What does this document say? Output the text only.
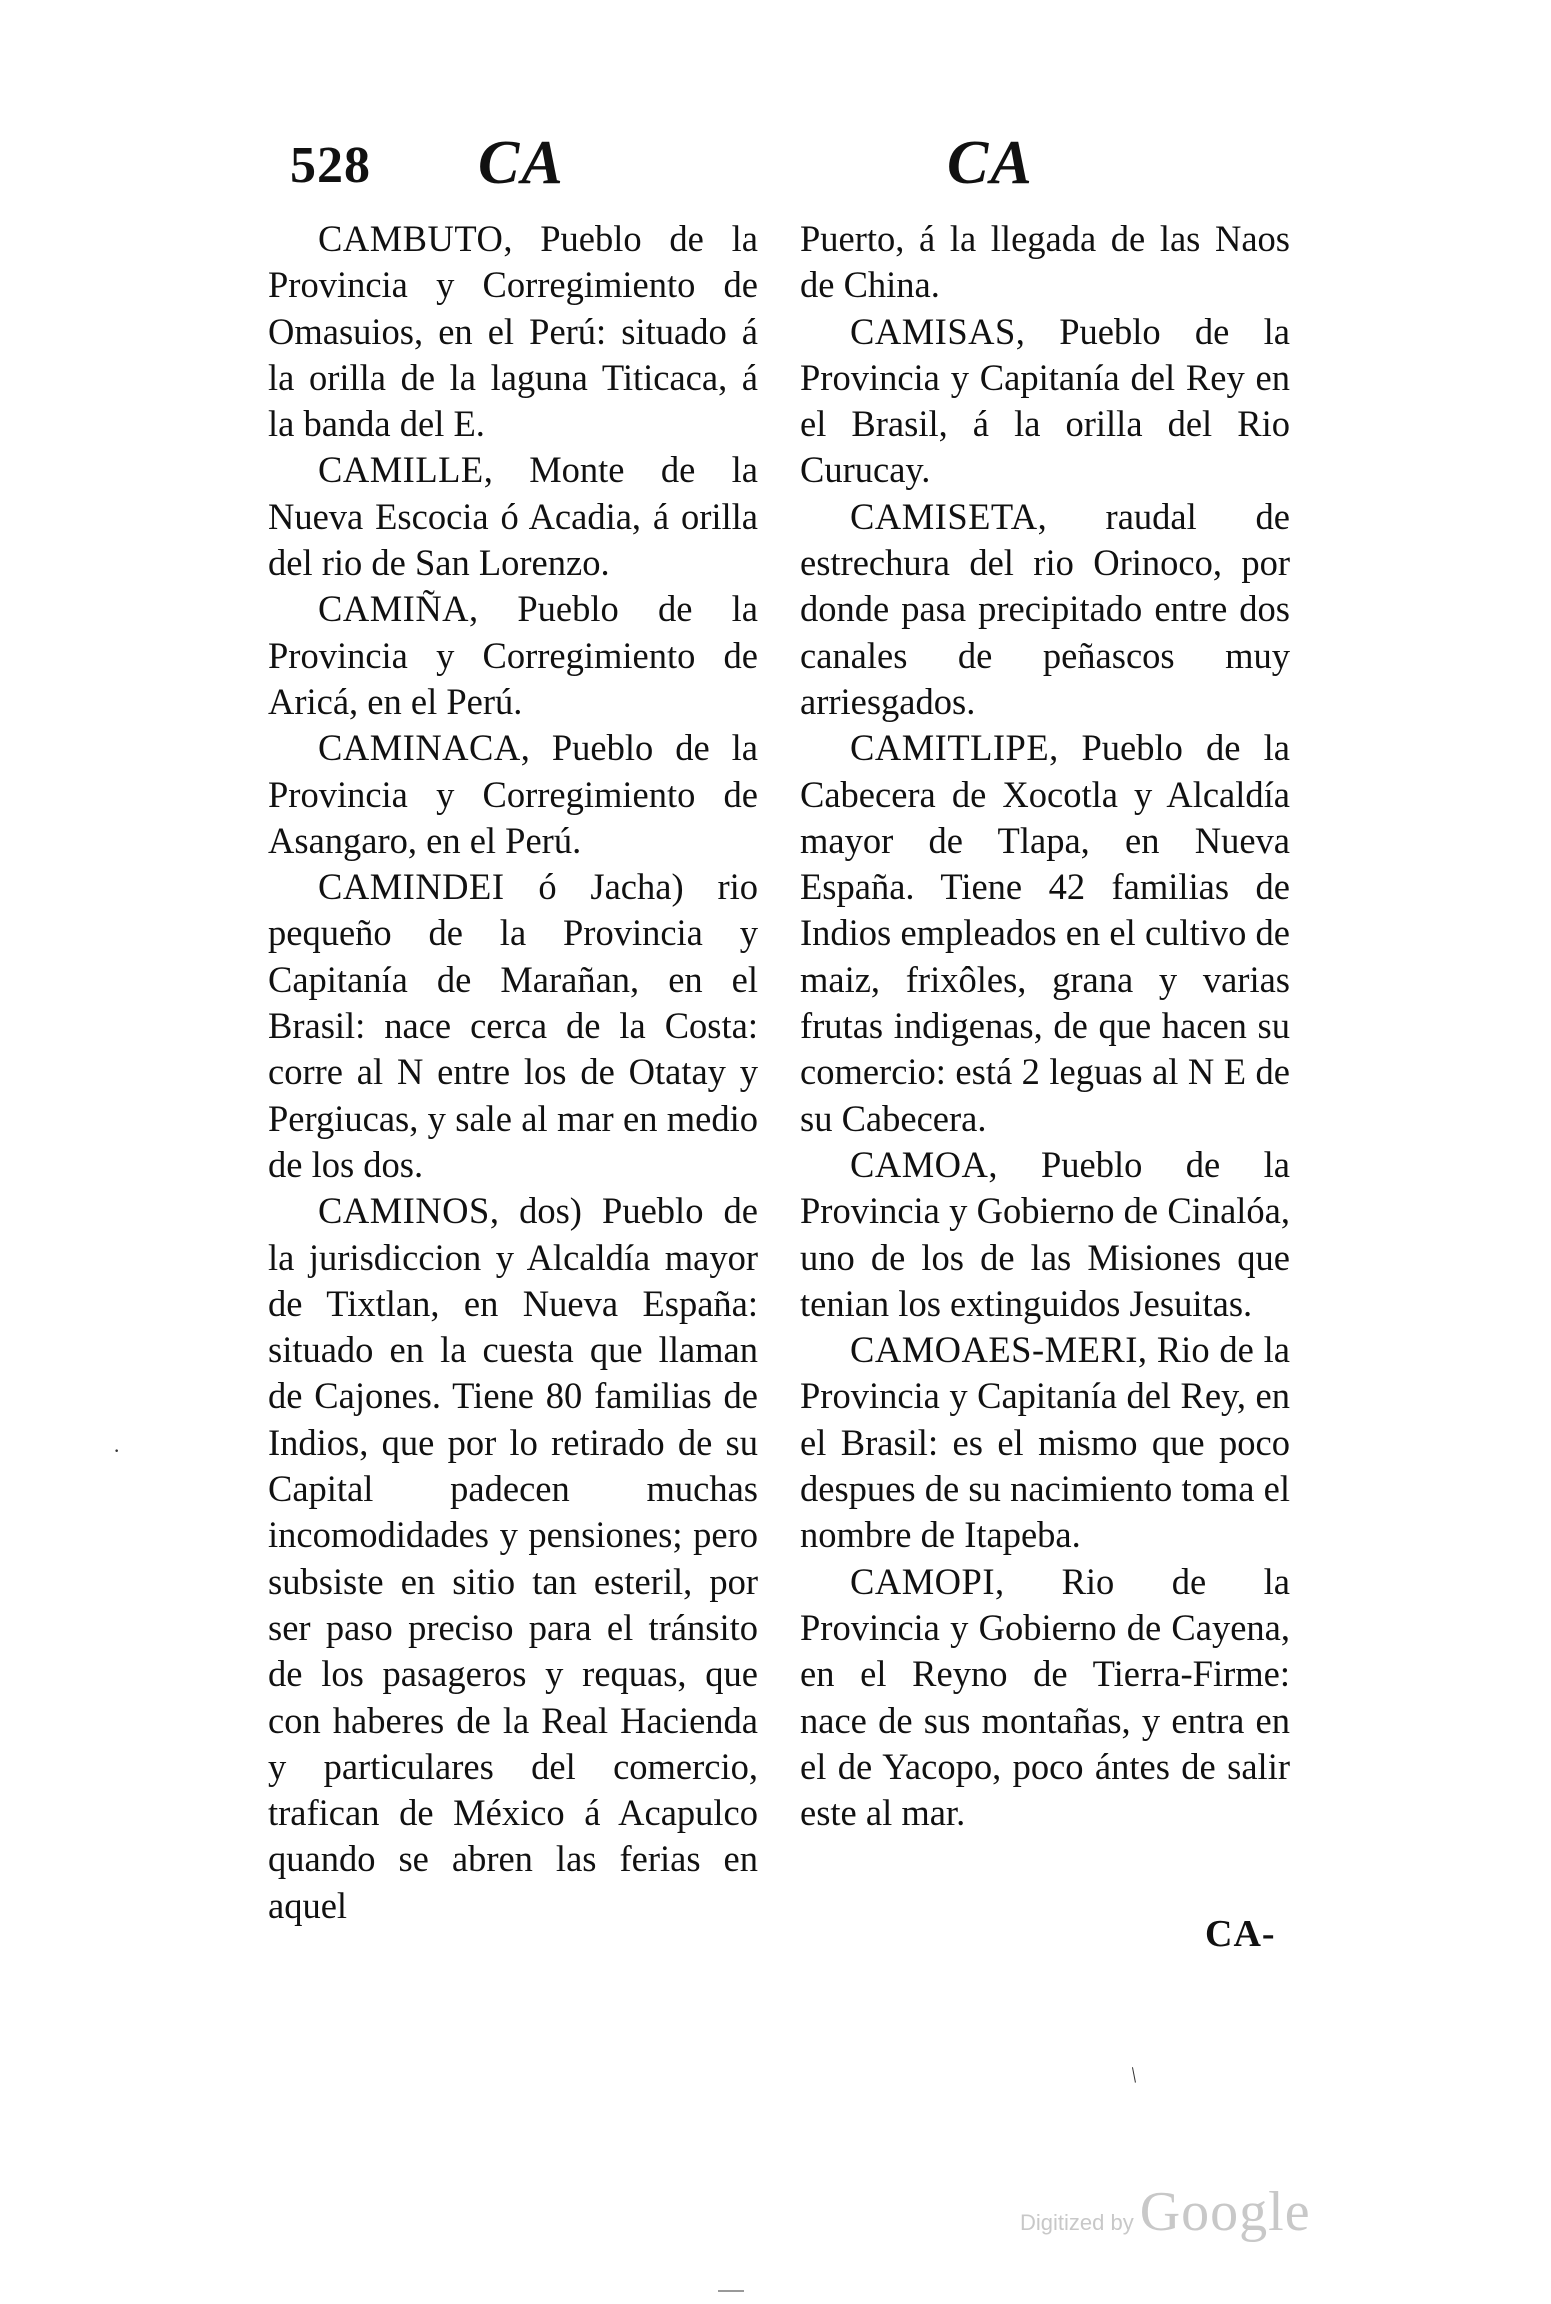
528 CA	CA

CAMBUTO, Pueblo de la Provincia y Corregimiento de Omasuios, en el Perú: situado á la orilla de la laguna Titicaca, á la banda del E.

CAMILLE, Monte de la Nueva Escocia ó Acadia, á orilla del rio de San Lorenzo.

CAMIÑA, Pueblo de la Provincia y Corregimiento de Aricá, en el Perú.

CAMINACA, Pueblo de la Provincia y Corregimiento de Asangaro, en el Perú.

CAMINDEI ó Jacha) rio pequeño de la Provincia y Capitanía de Marañan, en el Brasil: nace cerca de la Costa: corre al N entre los de Otatay y Pergiucas, y sale al mar en medio de los dos.

CAMINOS, dos) Pueblo de la jurisdiccion y Alcaldía mayor de Tixtlan, en Nueva España: situado en la cuesta que llaman de Cajones. Tiene 80 familias de Indios, que por lo retirado de su Capital padecen muchas incomodidades y pensiones; pero subsiste en sitio tan esteril, por ser paso preciso para el tránsito de los pasageros y requas, que con haberes de la Real Hacienda y particulares del comercio, trafican de México á Acapulco quando se abren las ferias en aquel

Puerto, á la llegada de las Naos de China.

CAMISAS, Pueblo de la Provincia y Capitanía del Rey en el Brasil, á la orilla del Rio Curucay.

CAMISETA, raudal de estrechura del rio Orinoco, por donde pasa precipitado entre dos canales de peñascos muy arriesgados.

CAMITLIPE, Pueblo de la Cabecera de Xocotla y Alcaldía mayor de Tlapa, en Nueva España. Tiene 42 familias de Indios empleados en el cultivo de maiz, frixôles, grana y varias frutas indigenas, de que hacen su comercio: está 2 leguas al N E de su Cabecera.

CAMOA, Pueblo de la Provincia y Gobierno de Cinalóa, uno de los de las Misiones que tenian los extinguidos Jesuitas.

CAMOAES-MERI, Rio de la Provincia y Capitanía del Rey, en el Brasil: es el mismo que poco despues de su nacimiento toma el nombre de Itapeba.

CAMOPI, Rio de la Provincia y Gobierno de Cayena, en el Reyno de Tierra-Firme: nace de sus montañas, y entra en el de Yacopo, poco ántes de salir este al mar.

CA-
/
·
Digitized by Google
